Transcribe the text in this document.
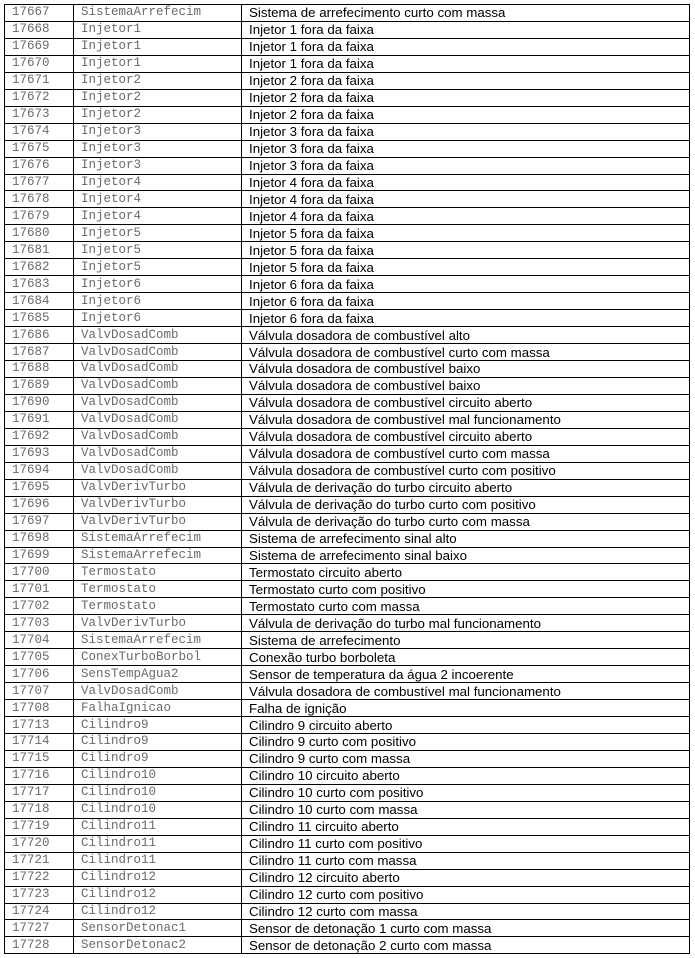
17667	SistemaArrefecim	Sistema de arrefecimento curto com massa
17668	Injetor1	Injetor 1 fora da faixa
17669	Injetor1	Injetor 1 fora da faixa
17670	Injetor1	Injetor 1 fora da faixa
17671	Injetor2	Injetor 2 fora da faixa
17672	Injetor2	Injetor 2 fora da faixa
17673	Injetor2	Injetor 2 fora da faixa
17674	Injetor3	Injetor 3 fora da faixa
17675	Injetor3	Injetor 3 fora da faixa
17676	Injetor3	Injetor 3 fora da faixa
17677	Injetor4	Injetor 4 fora da faixa
17678	Injetor4	Injetor 4 fora da faixa
17679	Injetor4	Injetor 4 fora da faixa
17680	Injetor5	Injetor 5 fora da faixa
17681	Injetor5	Injetor 5 fora da faixa
17682	Injetor5	Injetor 5 fora da faixa
17683	Injetor6	Injetor 6 fora da faixa
17684	Injetor6	Injetor 6 fora da faixa
17685	Injetor6	Injetor 6 fora da faixa
17686	ValvDosadComb	Válvula dosadora de combustível alto
17687	ValvDosadComb	Válvula dosadora de combustível curto com massa
17688	ValvDosadComb	Válvula dosadora de combustível baixo
17689	ValvDosadComb	Válvula dosadora de combustível baixo
17690	ValvDosadComb	Válvula dosadora de combustível circuito aberto
17691	ValvDosadComb	Válvula dosadora de combustível mal funcionamento
17692	ValvDosadComb	Válvula dosadora de combustível circuito aberto
17693	ValvDosadComb	Válvula dosadora de combustível curto com massa
17694	ValvDosadComb	Válvula dosadora de combustível curto com positivo
17695	ValvDerivTurbo	Válvula de derivação do turbo circuito aberto
17696	ValvDerivTurbo	Válvula de derivação do turbo curto com positivo
17697	ValvDerivTurbo	Válvula de derivação do turbo curto com massa
17698	SistemaArrefecim	Sistema de arrefecimento sinal alto
17699	SistemaArrefecim	Sistema de arrefecimento sinal baixo
17700	Termostato	Termostato circuito aberto
17701	Termostato	Termostato curto com positivo
17702	Termostato	Termostato curto com massa
17703	ValvDerivTurbo	Válvula de derivação do turbo mal funcionamento
17704	SistemaArrefecim	Sistema de arrefecimento
17705	ConexTurboBorbol	Conexão turbo borboleta
17706	SensTempAgua2	Sensor de temperatura da água 2 incoerente
17707	ValvDosadComb	Válvula dosadora de combustível mal funcionamento
17708	FalhaIgnicao	Falha de ignição
17713	Cilindro9	Cilindro 9 circuito aberto
17714	Cilindro9	Cilindro 9 curto com positivo
17715	Cilindro9	Cilindro 9 curto com massa
17716	Cilindro10	Cilindro 10 circuito aberto
17717	Cilindro10	Cilindro 10 curto com positivo
17718	Cilindro10	Cilindro 10 curto com massa
17719	Cilindro11	Cilindro 11 circuito aberto
17720	Cilindro11	Cilindro 11 curto com positivo
17721	Cilindro11	Cilindro 11 curto com massa
17722	Cilindro12	Cilindro 12 circuito aberto
17723	Cilindro12	Cilindro 12 curto com positivo
17724	Cilindro12	Cilindro 12 curto com massa
17727	SensorDetonac1	Sensor de detonação 1 curto com massa
17728	SensorDetonac2	Sensor de detonação 2 curto com massa
